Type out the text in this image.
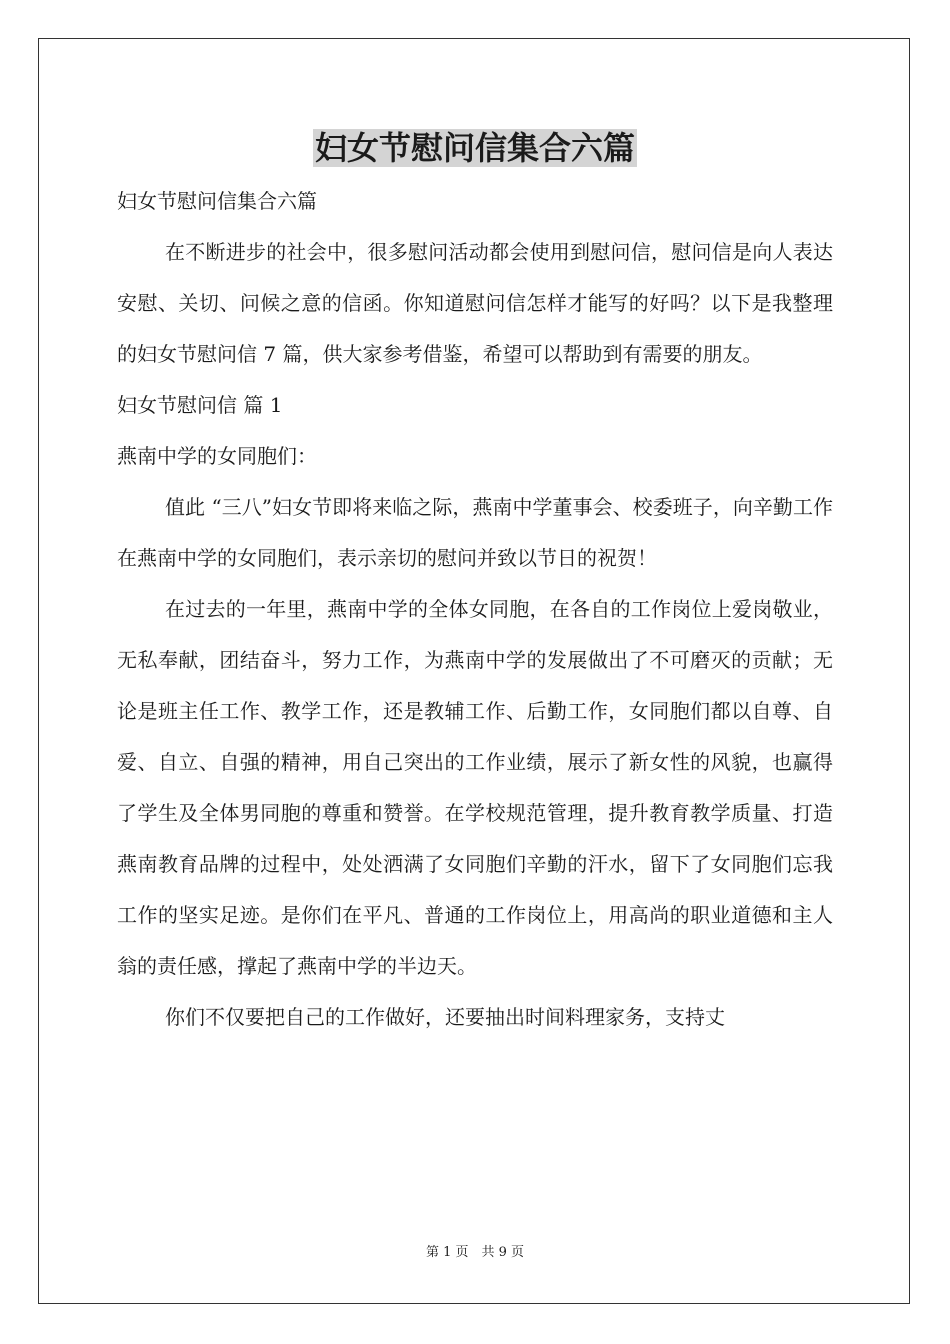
妇女节慰问信集合六篇

妇女节慰问信集合六篇

在不断进步的社会中，很多慰问活动都会使用到慰问信，慰问信是向人表达安慰、关切、问候之意的信函。你知道慰问信怎样才能写的好吗？以下是我整理的妇女节慰问信 7 篇，供大家参考借鉴，希望可以帮助到有需要的朋友。

妇女节慰问信 篇 1

燕南中学的女同胞们：

值此 “三八”妇女节即将来临之际，燕南中学董事会、校委班子，向辛勤工作在燕南中学的女同胞们，表示亲切的慰问并致以节日的祝贺！

在过去的一年里，燕南中学的全体女同胞，在各自的工作岗位上爱岗敬业，无私奉献，团结奋斗，努力工作，为燕南中学的发展做出了不可磨灭的贡献；无论是班主任工作、教学工作，还是教辅工作、后勤工作，女同胞们都以自尊、自爱、自立、自强的精神，用自己突出的工作业绩，展示了新女性的风貌，也赢得了学生及全体男同胞的尊重和赞誉。在学校规范管理，提升教育教学质量、打造燕南教育品牌的过程中，处处洒满了女同胞们辛勤的汗水，留下了女同胞们忘我工作的坚实足迹。是你们在平凡、普通的工作岗位上，用高尚的职业道德和主人翁的责任感，撑起了燕南中学的半边天。

你们不仅要把自己的工作做好，还要抽出时间料理家务，支持丈

第 1 页　共 9 页
